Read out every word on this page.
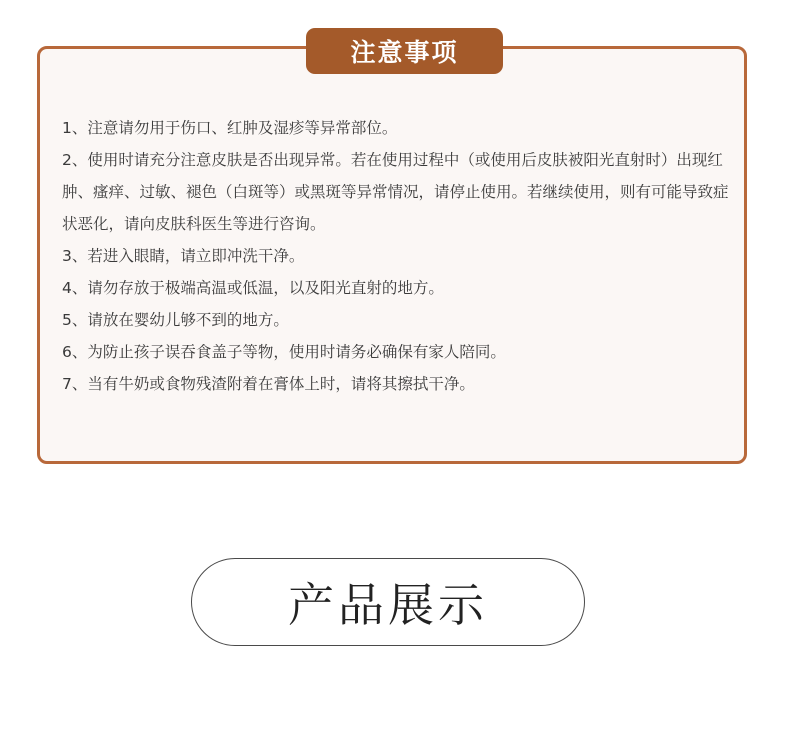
注意事项
1、注意请勿用于伤口、红肿及湿疹等异常部位。
2、使用时请充分注意皮肤是否出现异常。若在使用过程中（或使用后皮肤被阳光直射时）出现红肿、瘙痒、过敏、褪色（白斑等）或黑斑等异常情况，请停止使用。若继续使用，则有可能导致症状恶化，请向皮肤科医生等进行咨询。
3、若进入眼睛，请立即冲洗干净。
4、请勿存放于极端高温或低温，以及阳光直射的地方。
5、请放在婴幼儿够不到的地方。
6、为防止孩子误吞食盖子等物，使用时请务必确保有家人陪同。
7、当有牛奶或食物残渣附着在膏体上时，请将其擦拭干净。
产品展示
